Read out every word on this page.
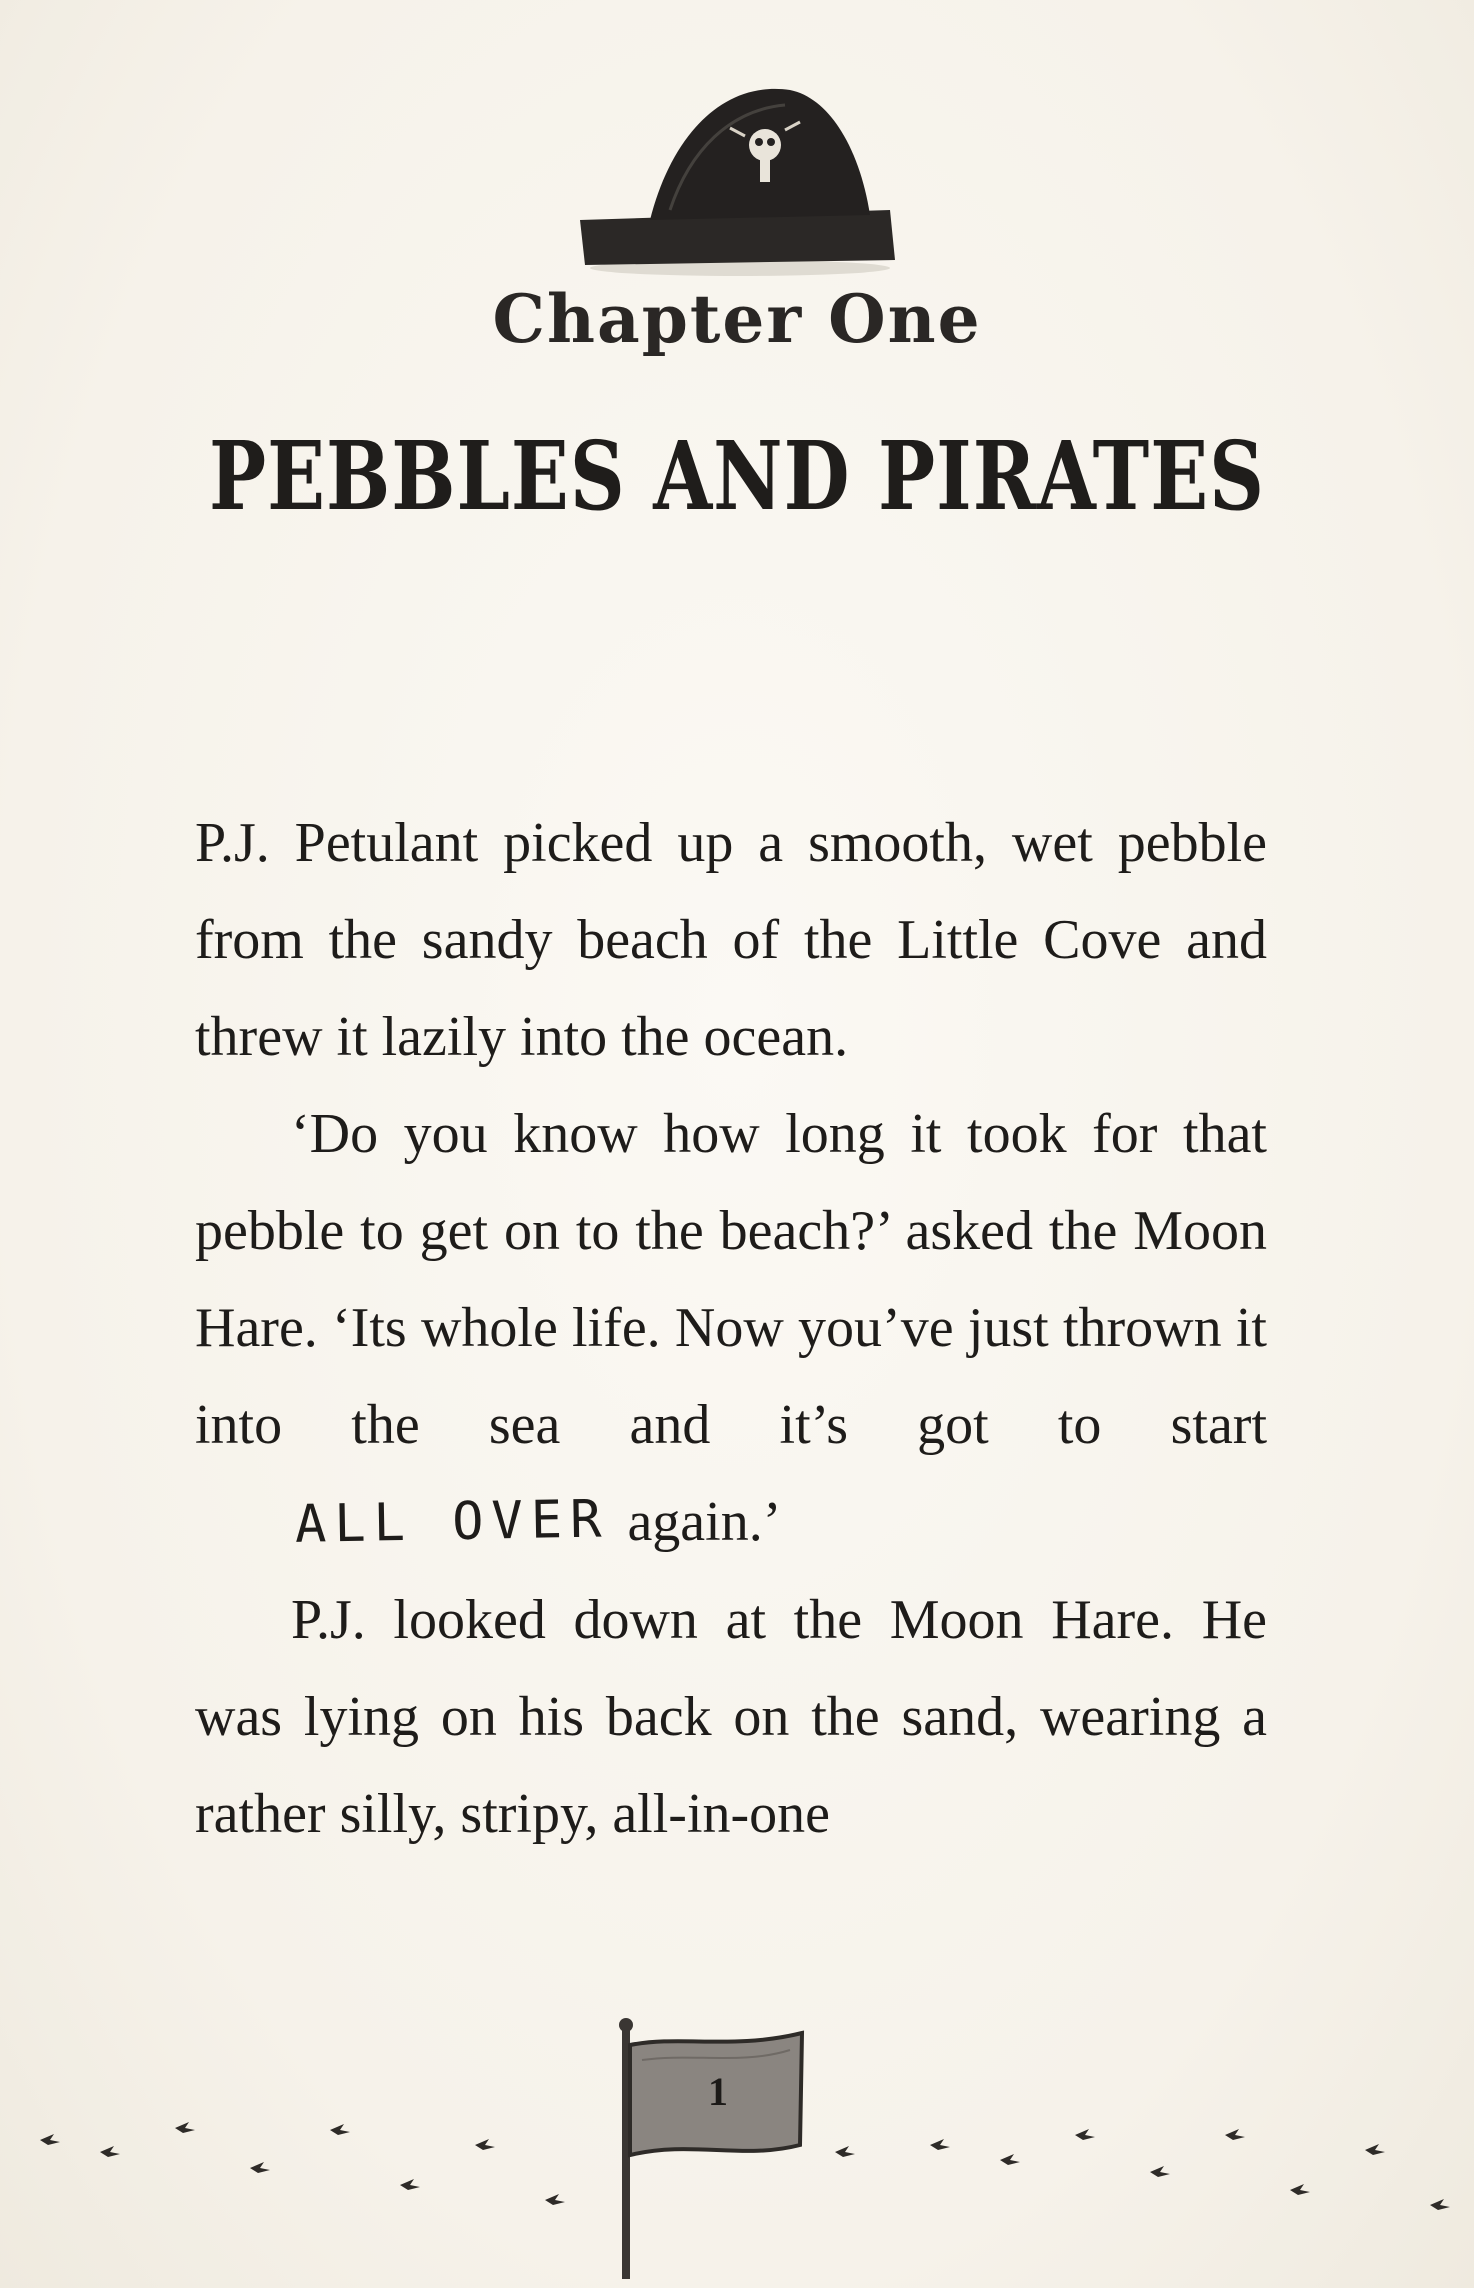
Chapter One
PEBBLES AND PIRATES

P.J. Petulant picked up a smooth, wet pebble from the sandy beach of the Little Cove and threw it lazily into the ocean.

‘Do you know how long it took for that pebble to get on to the beach?’ asked the Moon Hare. ‘Its whole life. Now you’ve just thrown it into the sea and it’s got to start ALL OVER again.’

P.J. looked down at the Moon Hare. He was lying on his back on the sand, wearing a rather silly, stripy, all-in-one

1
